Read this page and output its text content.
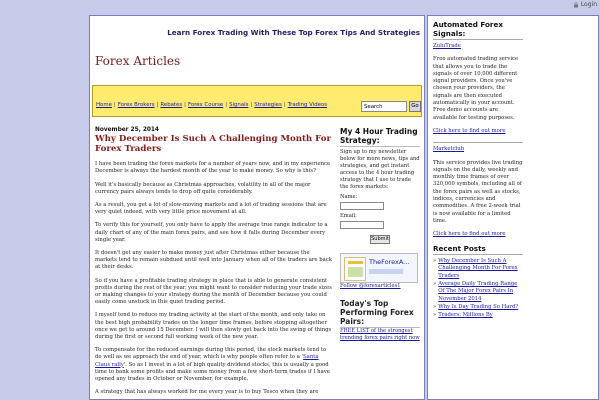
Login
Learn Forex Trading With These Top Forex Tips And Strategies
Forex Articles
Home | Forex Brokers | Rebates | Forex Course | Signals | Strategies | Trading Videos
Search	Go
November 25, 2014
Why December Is Such A Challenging Month For Forex Traders

I have been trading the forex markets for a number of years now, and in my experience December is always the hardest month of the year to make money. So why is this?

Well it's basically because as Christmas approaches, volatility in all of the major currency pairs always tends to drop off quite considerably.

As a result, you get a lot of slow-moving markets and a lot of trading sessions that are very quiet indeed, with very little price movement at all.

To verify this for yourself, you only have to apply the average true range indicator to a daily chart of any of the main forex pairs, and see how it falls during December every single year.

It doesn't get any easier to make money just after Christmas either because the markets tend to remain subdued until well into January when all of the traders are back at their desks.

So if you have a profitable trading strategy in place that is able to generate consistent profits during the rest of the year, you might want to consider reducing your trade sizes or making changes to your strategy during the month of December because you could easily come unstuck in this quiet trading period.

I myself tend to reduce my trading activity at the start of the month, and only take on the best high probability trades on the longer time frames, before stopping altogether once we get to around 15 December. I will then slowly get back into the swing of things during the first or second full working week of the new year.

To compensate for the reduced earnings during this period, the stock markets tend to do well as we approach the end of year, which is why people often refer to a 'Santa Claus rally'. So as I invest in a lot of high quality dividend stocks, this is usually a good time to bank some profits and make some money from a few short-term trades if I have opened any trades in October or November, for example.

A strategy that has always worked for me every year is to buy Tesco when they are

My 4 Hour Trading Strategy:
Sign up to my newsletter below for more news, tips and strategies, and get instant access to the 4 hour trading strategy that I use to trade the forex markets:
Name:
Email:
Submit
TheForexA...
Follow @forexarticles1
Today's Top Performing Forex Pairs:
FREE LIST of the strongest trending forex pairs right now
Automated Forex Signals:

ZuluTrade

Free automated trading service that allows you to trade the signals of over 10,000 different signal providers. Once you've chosen your providers, the signals are then executed automatically in your account. Free demo accounts are available for testing purposes.

Click here to find out more

Marketclub

This service provides live trading signals on the daily, weekly and monthly time frames of over 320,000 symbols, including all of the forex pairs as well as stocks, indices, currencies and commodities. A free 2-week trial is now available for a limited time.

Click here to find out more

Recent Posts
» Why December Is Such A Challenging Month For Forex Traders
» Average Daily Trading Range Of The Major Forex Pairs In November 2014
» Why Is Day Trading So Hard?
» Traders: Millions By
